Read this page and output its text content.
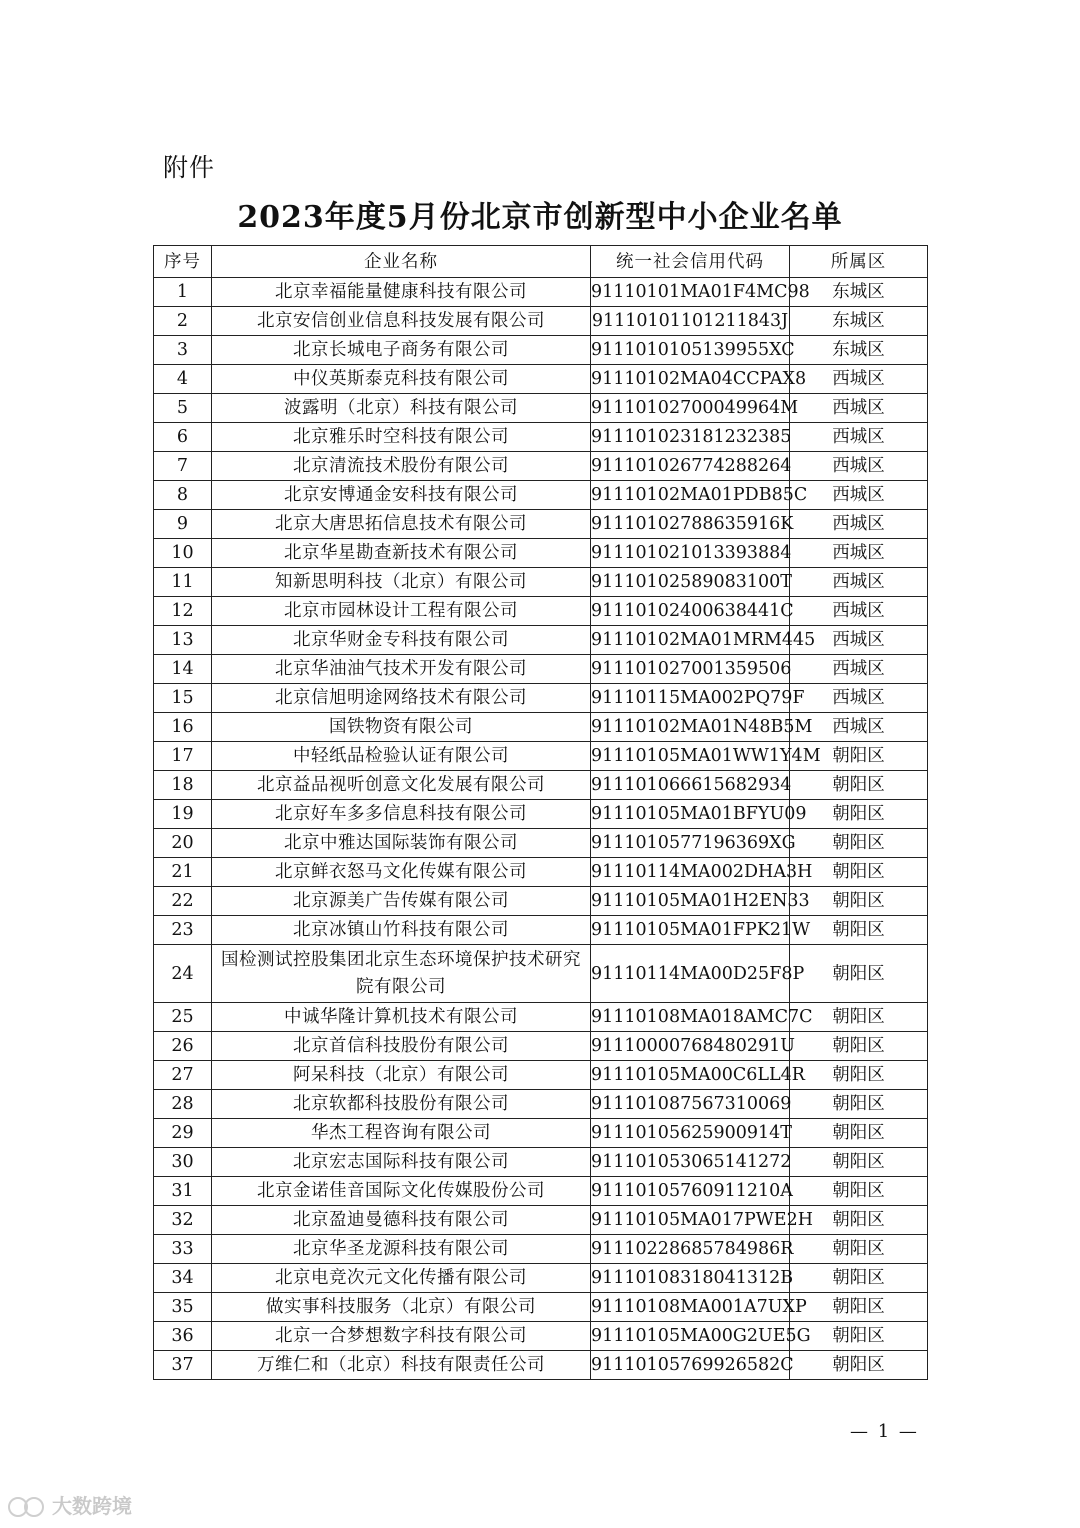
附件
2023年度5月份北京市创新型中小企业名单
序号	企业名称	统一社会信用代码	所属区
1	北京幸福能量健康科技有限公司	91110101MA01F4MC98	东城区
2	北京安信创业信息科技发展有限公司	91110101101211843J	东城区
3	北京长城电子商务有限公司	9111010105139955XC	东城区
4	中仪英斯泰克科技有限公司	91110102MA04CCPAX8	西城区
5	波露明（北京）科技有限公司	91110102700049964M	西城区
6	北京雅乐时空科技有限公司	911101023181232385	西城区
7	北京清流技术股份有限公司	911101026774288264	西城区
8	北京安博通金安科技有限公司	91110102MA01PDB85C	西城区
9	北京大唐思拓信息技术有限公司	91110102788635916K	西城区
10	北京华星勘查新技术有限公司	911101021013393884	西城区
11	知新思明科技（北京）有限公司	91110102589083100T	西城区
12	北京市园林设计工程有限公司	91110102400638441C	西城区
13	北京华财金专科技有限公司	91110102MA01MRM445	西城区
14	北京华油油气技术开发有限公司	911101027001359506	西城区
15	北京信旭明途网络技术有限公司	91110115MA002PQ79F	西城区
16	国铁物资有限公司	91110102MA01N48B5M	西城区
17	中轻纸品检验认证有限公司	91110105MA01WW1Y4M	朝阳区
18	北京益品视听创意文化发展有限公司	911101066615682934	朝阳区
19	北京好车多多信息科技有限公司	91110105MA01BFYU09	朝阳区
20	北京中雅达国际装饰有限公司	9111010577196369XG	朝阳区
21	北京鲜衣怒马文化传媒有限公司	91110114MA002DHA3H	朝阳区
22	北京源美广告传媒有限公司	91110105MA01H2EN33	朝阳区
23	北京冰镇山竹科技有限公司	91110105MA01FPK21W	朝阳区
24	国检测试控股集团北京生态环境保护技术研究院有限公司	91110114MA00D25F8P	朝阳区
25	中诚华隆计算机技术有限公司	91110108MA018AMC7C	朝阳区
26	北京首信科技股份有限公司	91110000768480291U	朝阳区
27	阿呆科技（北京）有限公司	91110105MA00C6LL4R	朝阳区
28	北京软都科技股份有限公司	911101087567310069	朝阳区
29	华杰工程咨询有限公司	91110105625900914T	朝阳区
30	北京宏志国际科技有限公司	911101053065141272	朝阳区
31	北京金诺佳音国际文化传媒股份公司	91110105760911210A	朝阳区
32	北京盈迪曼德科技有限公司	91110105MA017PWE2H	朝阳区
33	北京华圣龙源科技有限公司	91110228685784986R	朝阳区
34	北京电竞次元文化传播有限公司	91110108318041312B	朝阳区
35	做实事科技服务（北京）有限公司	91110108MA001A7UXP	朝阳区
36	北京一合梦想数字科技有限公司	91110105MA00G2UE5G	朝阳区
37	万维仁和（北京）科技有限责任公司	91110105769926582C	朝阳区
— 1 —
大数跨境
